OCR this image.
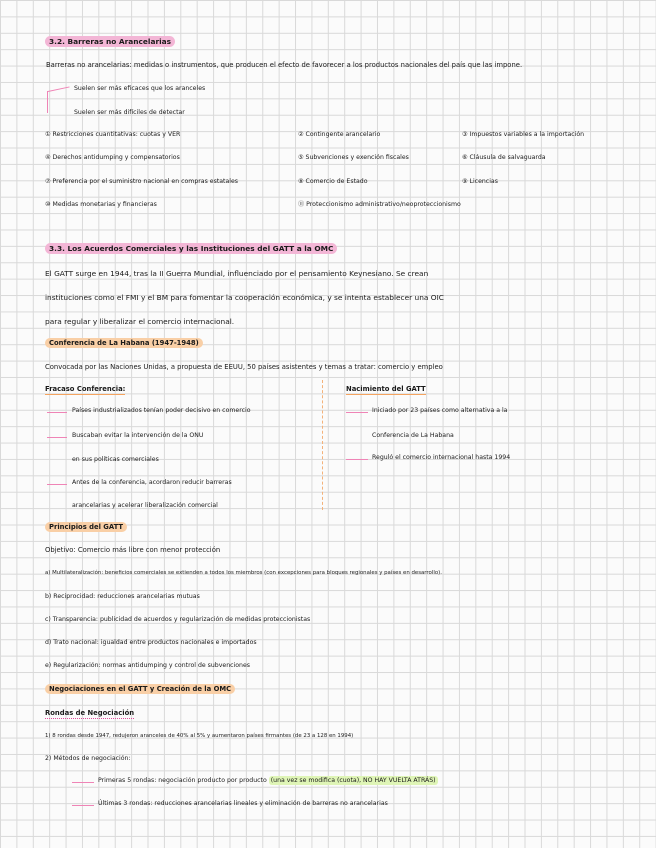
3.2. Barreras no Arancelarias
Barreras no arancelarias: medidas o instrumentos, que producen el efecto de favorecer a los productos nacionales del país que las impone.
Suelen ser más eficaces que los aranceles
Suelen ser más difíciles de detectar
① Restricciones cuantitativas: cuotas y VER	② Contingente arancelario	③ Impuestos variables a la importación
④ Derechos antidumping y compensatorios	⑤ Subvenciones y exención fiscales	⑥ Cláusula de salvaguarda
⑦ Preferencia por el suministro nacional en compras estatales	⑧ Comercio de Estado	⑨ Licencias
⑩ Medidas monetarias y financieras	⑪ Proteccionismo administrativo/neoproteccionismo
3.3. Los Acuerdos Comerciales y las Instituciones del GATT a la OMC
El GATT surge en 1944, tras la II Guerra Mundial, influenciado por el pensamiento Keynesiano. Se crean
instituciones como el FMI y el BM para fomentar la cooperación económica, y se intenta establecer una OIC
para regular y liberalizar el comercio internacional.
Conferencia de La Habana (1947-1948)
Convocada por las Naciones Unidas, a propuesta de EEUU, 50 países asistentes y temas a tratar: comercio y empleo
Fracaso Conferencia:
Países industrializados tenían poder decisivo en comercio
Buscaban evitar la intervención de la ONU
en sus políticas comerciales
Antes de la conferencia, acordaron reducir barreras
arancelarias y acelerar liberalización comercial
Nacimiento del GATT
Iniciado por 23 países como alternativa a la
Conferencia de La Habana
Reguló el comercio internacional hasta 1994
Principios del GATT
Objetivo: Comercio más libre con menor protección
a) Multilateralización: beneficios comerciales se extienden a todos los miembros (con excepciones para bloques regionales y países en desarrollo).
b) Reciprocidad: reducciones arancelarias mutuas
c) Transparencia: publicidad de acuerdos y regularización de medidas proteccionistas
d) Trato nacional: igualdad entre productos nacionales e importados
e) Regularización: normas antidumping y control de subvenciones
Negociaciones en el GATT y Creación de la OMC
Rondas de Negociación
1) 8 rondas desde 1947, redujeron aranceles de 40% al 5% y aumentaron países firmantes (de 23 a 128 en 1994)
2) Métodos de negociación:
Primeras 5 rondas: negociación producto por producto (una vez se modifica (cuota), NO HAY VUELTA ATRÁS)
Últimas 3 rondas: reducciones arancelarias lineales y eliminación de barreras no arancelarias
